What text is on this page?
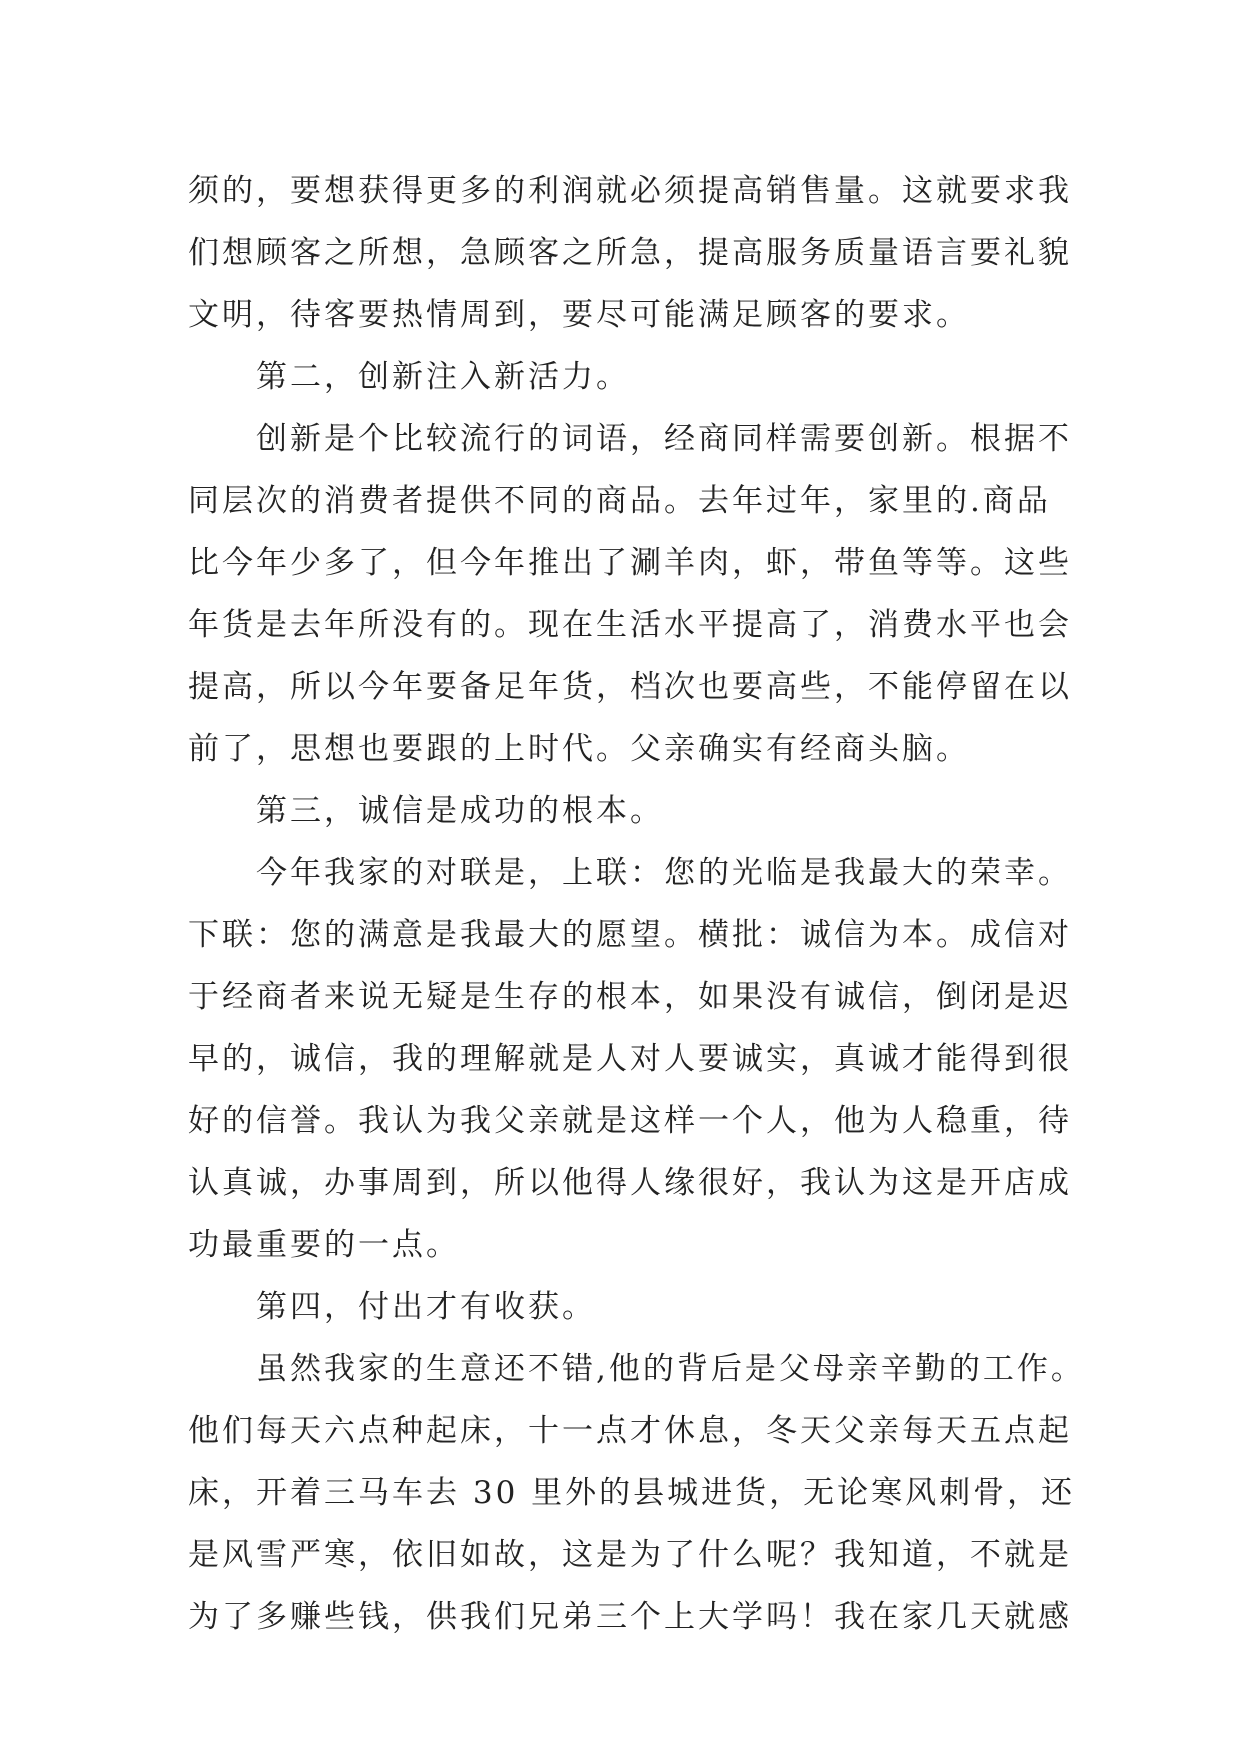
须的，要想获得更多的利润就必须提高销售量。这就要求我
们想顾客之所想，急顾客之所急，提高服务质量语言要礼貌
文明，待客要热情周到，要尽可能满足顾客的要求。
第二，创新注入新活力。
创新是个比较流行的词语，经商同样需要创新。根据不
同层次的消费者提供不同的商品。去年过年，家里的.商品
比今年少多了，但今年推出了涮羊肉，虾，带鱼等等。这些
年货是去年所没有的。现在生活水平提高了，消费水平也会
提高，所以今年要备足年货，档次也要高些，不能停留在以
前了，思想也要跟的上时代。父亲确实有经商头脑。
第三，诚信是成功的根本。
今年我家的对联是，上联：您的光临是我最大的荣幸。
下联：您的满意是我最大的愿望。横批：诚信为本。成信对
于经商者来说无疑是生存的根本，如果没有诚信，倒闭是迟
早的，诚信，我的理解就是人对人要诚实，真诚才能得到很
好的信誉。我认为我父亲就是这样一个人，他为人稳重，待
认真诚，办事周到，所以他得人缘很好，我认为这是开店成
功最重要的一点。
第四，付出才有收获。
虽然我家的生意还不错,他的背后是父母亲辛勤的工作。
他们每天六点种起床，十一点才休息，冬天父亲每天五点起
床，开着三马车去 30 里外的县城进货，无论寒风刺骨，还
是风雪严寒，依旧如故，这是为了什么呢？我知道，不就是
为了多赚些钱，供我们兄弟三个上大学吗！我在家几天就感
